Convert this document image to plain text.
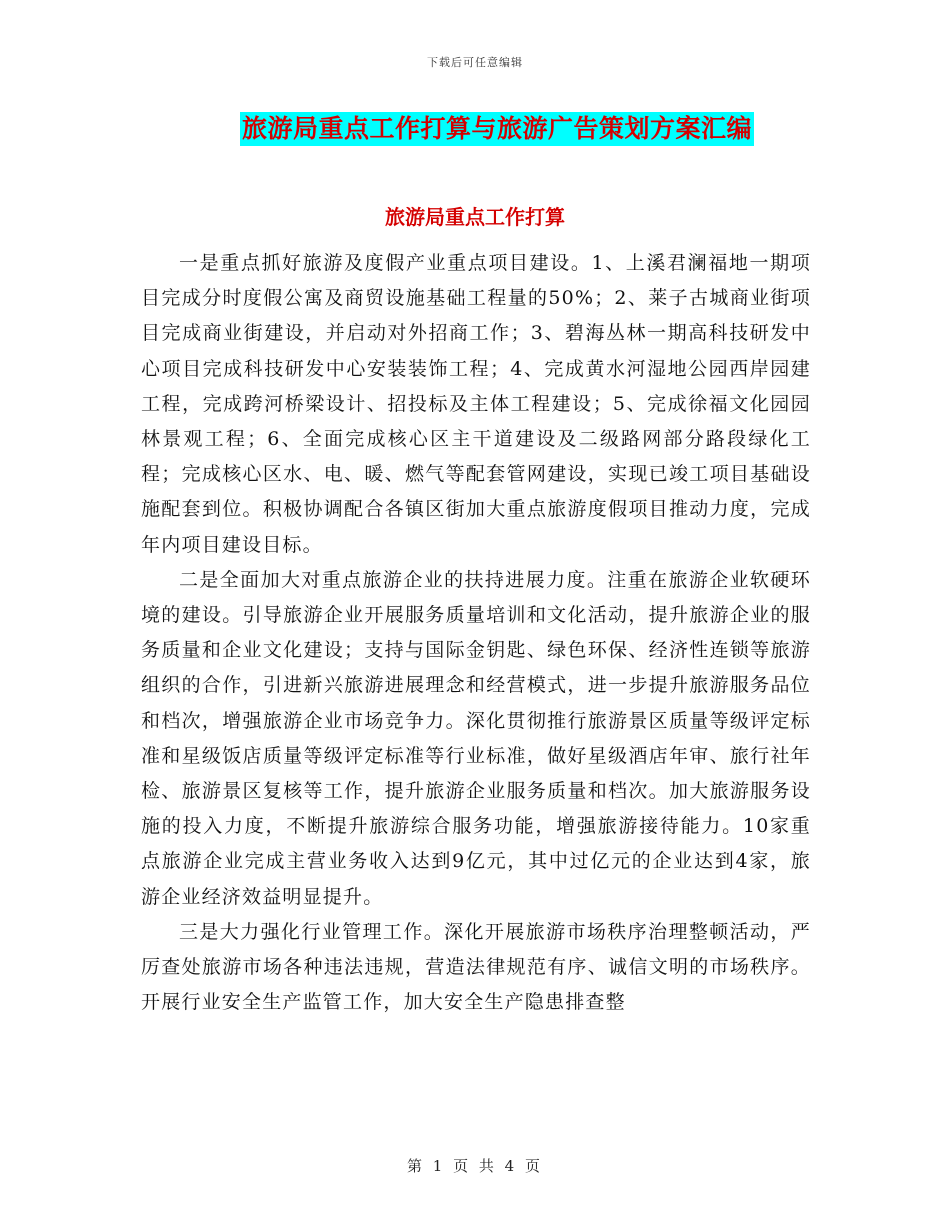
下载后可任意编辑
旅游局重点工作打算与旅游广告策划方案汇编
旅游局重点工作打算

一是重点抓好旅游及度假产业重点项目建设。1、上溪君澜福地一期项目完成分时度假公寓及商贸设施基础工程量的50%；2、莱子古城商业街项目完成商业街建设，并启动对外招商工作；3、碧海丛林一期高科技研发中心项目完成科技研发中心安装装饰工程；4、完成黄水河湿地公园西岸园建工程，完成跨河桥梁设计、招投标及主体工程建设；5、完成徐福文化园园林景观工程；6、全面完成核心区主干道建设及二级路网部分路段绿化工程；完成核心区水、电、暖、燃气等配套管网建设，实现已竣工项目基础设施配套到位。积极协调配合各镇区街加大重点旅游度假项目推动力度，完成年内项目建设目标。

二是全面加大对重点旅游企业的扶持进展力度。注重在旅游企业软硬环境的建设。引导旅游企业开展服务质量培训和文化活动，提升旅游企业的服务质量和企业文化建设；支持与国际金钥匙、绿色环保、经济性连锁等旅游组织的合作，引进新兴旅游进展理念和经营模式，进一步提升旅游服务品位和档次，增强旅游企业市场竞争力。深化贯彻推行旅游景区质量等级评定标准和星级饭店质量等级评定标准等行业标准，做好星级酒店年审、旅行社年检、旅游景区复核等工作，提升旅游企业服务质量和档次。加大旅游服务设施的投入力度，不断提升旅游综合服务功能，增强旅游接待能力。10家重点旅游企业完成主营业务收入达到9亿元，其中过亿元的企业达到4家，旅游企业经济效益明显提升。

三是大力强化行业管理工作。深化开展旅游市场秩序治理整顿活动，严厉查处旅游市场各种违法违规，营造法律规范有序、诚信文明的市场秩序。开展行业安全生产监管工作，加大安全生产隐患排查整

第 1 页 共 4 页
